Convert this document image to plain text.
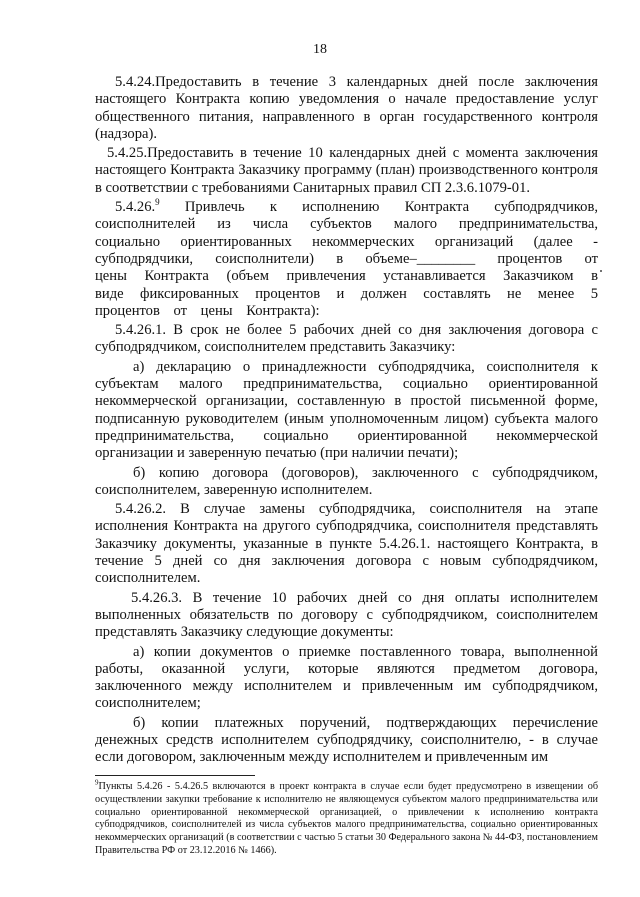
18

5.4.24.Предоставить в течение 3 календарных дней после заключения настоящего Контракта копию уведомления о начале предоставление услуг общественного питания, направленного в орган государственного контроля (надзора).

5.4.25.Предоставить в течение 10 календарных дней с момента заключения настоящего Контракта Заказчику программу (план) производственного контроля в соответствии с требованиями Санитарных правил СП 2.3.6.1079-01.

5.4.26.$^9$ Привлечь к исполнению Контракта субподрядчиков, соисполнителей из числа субъектов малого предпринимательства, социально ориентированных некоммерческих организаций (далее - субподрядчики, соисполнители) в объеме–________ процентов от цены Контракта (объем привлечения устанавливается Заказчиком в виде фиксированных процентов и должен составлять не менее 5 процентов от цены Контракта):

5.4.26.1. В срок не более 5 рабочих дней со дня заключения договора с субподрядчиком, соисполнителем представить Заказчику:

а) декларацию о принадлежности субподрядчика, соисполнителя к субъектам малого предпринимательства, социально ориентированной некоммерческой организации, составленную в простой письменной форме, подписанную руководителем (иным уполномоченным лицом) субъекта малого предпринимательства, социально ориентированной некоммерческой организации и заверенную печатью (при наличии печати);

б) копию договора (договоров), заключенного с субподрядчиком, соисполнителем, заверенную исполнителем.

5.4.26.2. В случае замены субподрядчика, соисполнителя на этапе исполнения Контракта на другого субподрядчика, соисполнителя представлять Заказчику документы, указанные в пункте 5.4.26.1. настоящего Контракта, в течение 5 дней со дня заключения договора с новым субподрядчиком, соисполнителем.

5.4.26.3. В течение 10 рабочих дней со дня оплаты исполнителем выполненных обязательств по договору с субподрядчиком, соисполнителем представлять Заказчику следующие документы:

а) копии документов о приемке поставленного товара, выполненной работы, оказанной услуги, которые являются предметом договора, заключенного между исполнителем и привлеченным им субподрядчиком, соисполнителем;

б) копии платежных поручений, подтверждающих перечисление денежных средств исполнителем субподрядчику, соисполнителю, - в случае если договором, заключенным между исполнителем и привлеченным им

$^9$Пункты 5.4.26 - 5.4.26.5 включаются в проект контракта в случае если будет предусмотрено в извещении об осуществлении закупки требование к исполнителю не являющемуся субъектом малого предпринимательства или социально ориентированной некоммерческой организацией, о привлечении к исполнению контракта субподрядчиков, соисполнителей из числа субъектов малого предпринимательства, социально ориентированных некоммерческих организаций (в соответствии с частью 5 статьи 30 Федерального закона № 44-ФЗ, постановлением Правительства РФ от 23.12.2016 № 1466).
